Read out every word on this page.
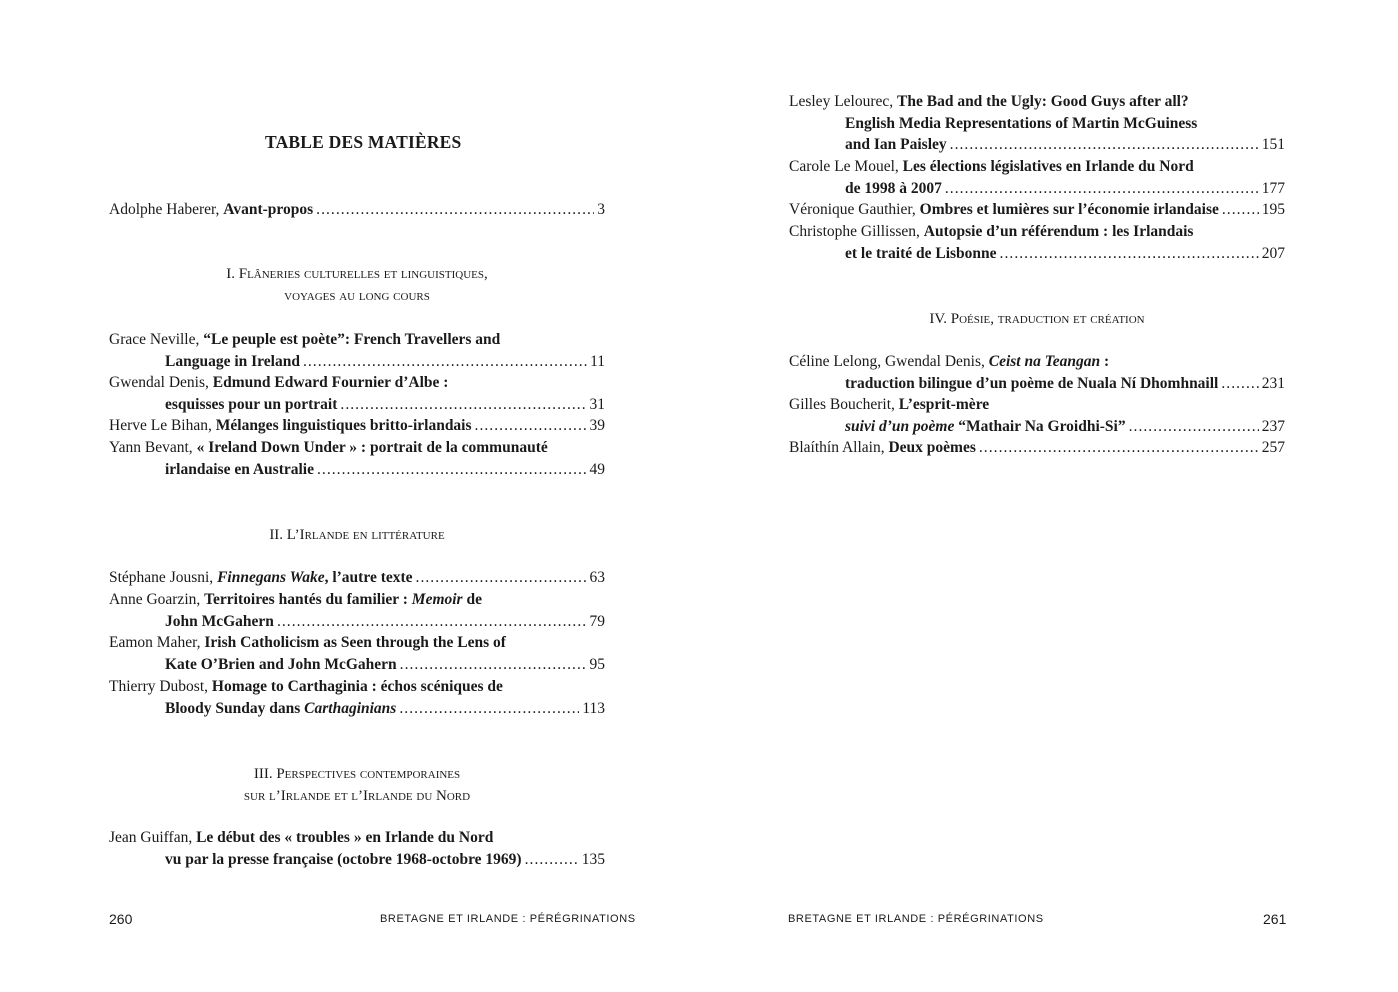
TABLE DES MATIÈRES
Adolphe Haberer, Avant-propos .....	3
I. Flâneries culturelles et linguistiques,
voyages au long cours
Grace Neville, “Le peuple est poète”: French Travellers and
Language in Ireland .....	11
Gwendal Denis, Edmund Edward Fournier d’Albe :
esquisses pour un portrait .....	31
Herve Le Bihan, Mélanges linguistiques britto-irlandais .....	39
Yann Bevant, « Ireland Down Under » : portrait de la communauté
irlandaise en Australie .....	49
II. L’Irlande en littérature
Stéphane Jousni, Finnegans Wake, l’autre texte .....	63
Anne Goarzin, Territoires hantés du familier : Memoir de
John McGahern .....	79
Eamon Maher, Irish Catholicism as Seen through the Lens of
Kate O’Brien and John McGahern .....	95
Thierry Dubost, Homage to Carthaginia : échos scéniques de
Bloody Sunday dans Carthaginians .....	113
III. Perspectives contemporaines
sur l’Irlande et l’Irlande du Nord
Jean Guiffan, Le début des « troubles » en Irlande du Nord
vu par la presse française (octobre 1968-octobre 1969) .....	135
260	BRETAGNE ET IRLANDE : PÉRÉGRINATIONS
Lesley Lelourec, The Bad and the Ugly: Good Guys after all?
English Media Representations of Martin McGuiness
and Ian Paisley .....	151
Carole Le Mouel, Les élections législatives en Irlande du Nord
de 1998 à 2007 .....	177
Véronique Gauthier, Ombres et lumières sur l’économie irlandaise .....	195
Christophe Gillissen, Autopsie d’un référendum : les Irlandais
et le traité de Lisbonne .....	207
IV. Poésie, traduction et création
Céline Lelong, Gwendal Denis, Ceist na Teangan :
traduction bilingue d’un poème de Nuala Ní Dhomhnaill .....	231
Gilles Boucherit, L’esprit-mère
suivi d’un poème “Mathair Na Groidhi-Si” .....	237
Blaíthín Allain, Deux poèmes .....	257
BRETAGNE ET IRLANDE : PÉRÉGRINATIONS	261
